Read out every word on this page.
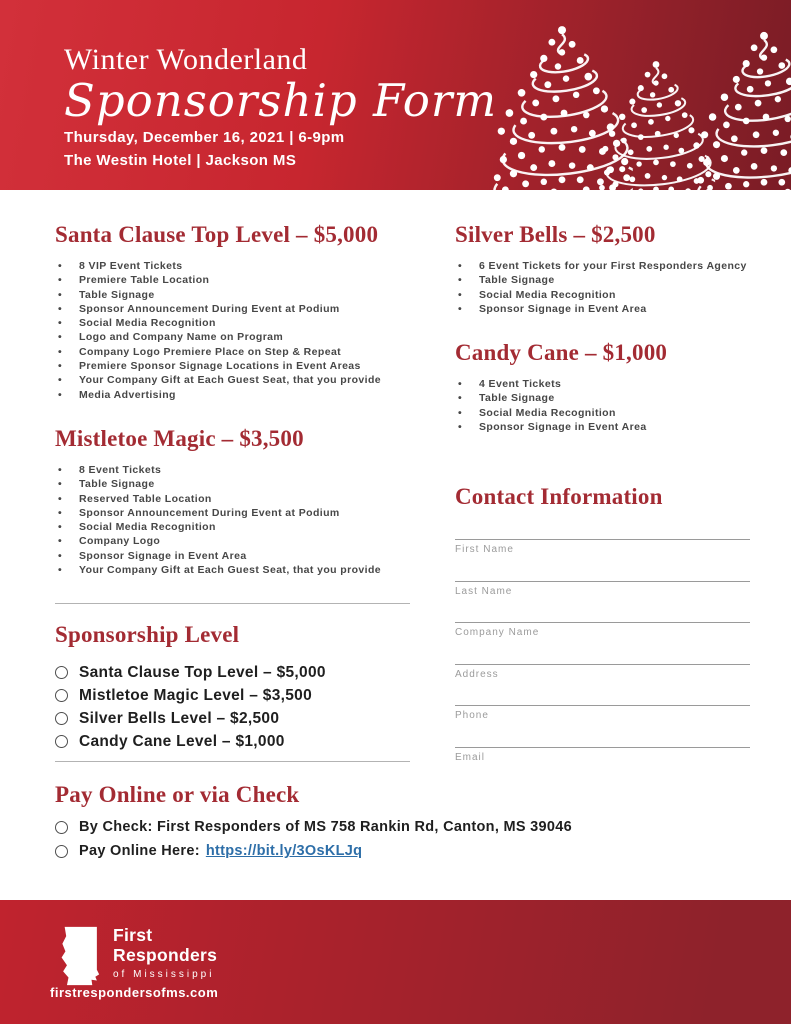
Winter Wonderland
Sponsorship Form
Thursday, December 16, 2021 | 6-9pm
The Westin Hotel | Jackson MS
Santa Clause Top Level – $5,000
• 8 VIP Event Tickets
• Premiere Table Location
• Table Signage
• Sponsor Announcement During Event at Podium
• Social Media Recognition
• Logo and Company Name on Program
• Company Logo Premiere Place on Step & Repeat
• Premiere Sponsor Signage Locations in Event Areas
• Your Company Gift at Each Guest Seat, that you provide
• Media Advertising
Mistletoe Magic – $3,500
• 8 Event Tickets
• Table Signage
• Reserved Table Location
• Sponsor Announcement During Event at Podium
• Social Media Recognition
• Company Logo
• Sponsor Signage in Event Area
• Your Company Gift at Each Guest Seat, that you provide
Sponsorship Level
Santa Clause Top Level – $5,000
Mistletoe Magic Level – $3,500
Silver Bells Level – $2,500
Candy Cane Level – $1,000
Silver Bells – $2,500
• 6 Event Tickets for your First Responders Agency
• Table Signage
• Social Media Recognition
• Sponsor Signage in Event Area
Candy Cane – $1,000
• 4 Event Tickets
• Table Signage
• Social Media Recognition
• Sponsor Signage in Event Area
Contact Information
First Name
Last Name
Company Name
Address
Phone
Email
Pay Online or via Check
By Check: First Responders of MS 758 Rankin Rd, Canton, MS 39046
Pay Online Here: https://bit.ly/3OsKLJq
First
Responders
of Mississippi
firstrespondersofms.com
